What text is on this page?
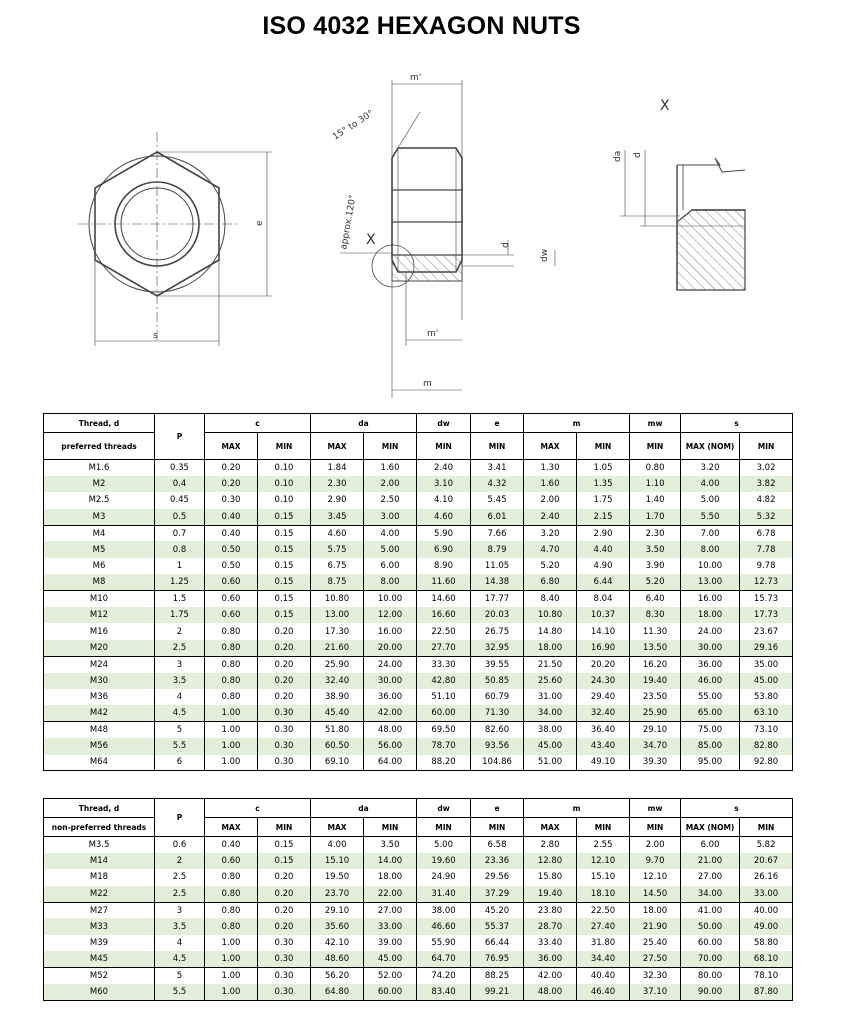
ISO 4032 HEXAGON NUTS
e
s
m'
15° to 30°
approx.120° X	d
dw
m'
m
X
da d
Thread, d	P	c		da		dw	e	m		mw	s	
preferred threads		MAX	MIN	MAX	MIN	MIN	MIN	MAX	MIN	MIN	MAX (NOM)	MIN
M1.6	0.35	0.20	0.10	1.84	1.60	2.40	3.41	1.30	1.05	0.80	3.20	3.02
M2	0.4	0.20	0.10	2.30	2.00	3.10	4.32	1.60	1.35	1.10	4.00	3.82
M2.5	0.45	0.30	0.10	2.90	2.50	4.10	5.45	2.00	1.75	1.40	5.00	4.82
M3	0.5	0.40	0.15	3.45	3.00	4.60	6.01	2.40	2.15	1.70	5.50	5.32
M4	0.7	0.40	0.15	4.60	4.00	5.90	7.66	3.20	2.90	2.30	7.00	6.78
M5	0.8	0.50	0.15	5.75	5.00	6.90	8.79	4.70	4.40	3.50	8.00	7.78
M6	1	0.50	0.15	6.75	6.00	8.90	11.05	5.20	4.90	3.90	10.00	9.78
M8	1.25	0.60	0.15	8.75	8.00	11.60	14.38	6.80	6.44	5.20	13.00	12.73
M10	1.5	0.60	0.15	10.80	10.00	14.60	17.77	8.40	8.04	6.40	16.00	15.73
M12	1.75	0.60	0.15	13.00	12.00	16.60	20.03	10.80	10.37	8.30	18.00	17.73
M16	2	0.80	0.20	17.30	16.00	22.50	26.75	14.80	14.10	11.30	24.00	23.67
M20	2.5	0.80	0.20	21.60	20.00	27.70	32.95	18.00	16.90	13.50	30.00	29.16
M24	3	0.80	0.20	25.90	24.00	33.30	39.55	21.50	20.20	16.20	36.00	35.00
M30	3.5	0.80	0.20	32.40	30.00	42.80	50.85	25.60	24.30	19.40	46.00	45.00
M36	4	0.80	0.20	38.90	36.00	51.10	60.79	31.00	29.40	23.50	55.00	53.80
M42	4.5	1.00	0.30	45.40	42.00	60.00	71.30	34.00	32.40	25.90	65.00	63.10
M48	5	1.00	0.30	51.80	48.00	69.50	82.60	38.00	36.40	29.10	75.00	73.10
M56	5.5	1.00	0.30	60.50	56.00	78.70	93.56	45.00	43.40	34.70	85.00	82.80
M64	6	1.00	0.30	69.10	64.00	88.20	104.86	51.00	49.10	39.30	95.00	92.80
Thread, d	P	c		da		dw	e	m		mw	s	
non-preferred threads		MAX	MIN	MAX	MIN	MIN	MIN	MAX	MIN	MIN	MAX (NOM)	MIN
M3.5	0.6	0.40	0.15	4.00	3.50	5.00	6.58	2.80	2.55	2.00	6.00	5.82
M14	2	0.60	0.15	15.10	14.00	19.60	23.36	12.80	12.10	9.70	21.00	20.67
M18	2.5	0.80	0.20	19.50	18.00	24.90	29.56	15.80	15.10	12.10	27.00	26.16
M22	2.5	0.80	0.20	23.70	22.00	31.40	37.29	19.40	18.10	14.50	34.00	33.00
M27	3	0.80	0.20	29.10	27.00	38.00	45.20	23.80	22.50	18.00	41.00	40.00
M33	3.5	0.80	0.20	35.60	33.00	46.60	55.37	28.70	27.40	21.90	50.00	49.00
M39	4	1.00	0.30	42.10	39.00	55.90	66.44	33.40	31.80	25.40	60.00	58.80
M45	4.5	1.00	0.30	48.60	45.00	64.70	76.95	36.00	34.40	27.50	70.00	68.10
M52	5	1.00	0.30	56.20	52.00	74.20	88.25	42.00	40.40	32.30	80.00	78.10
M60	5.5	1.00	0.30	64.80	60.00	83.40	99.21	48.00	46.40	37.10	90.00	87.80
